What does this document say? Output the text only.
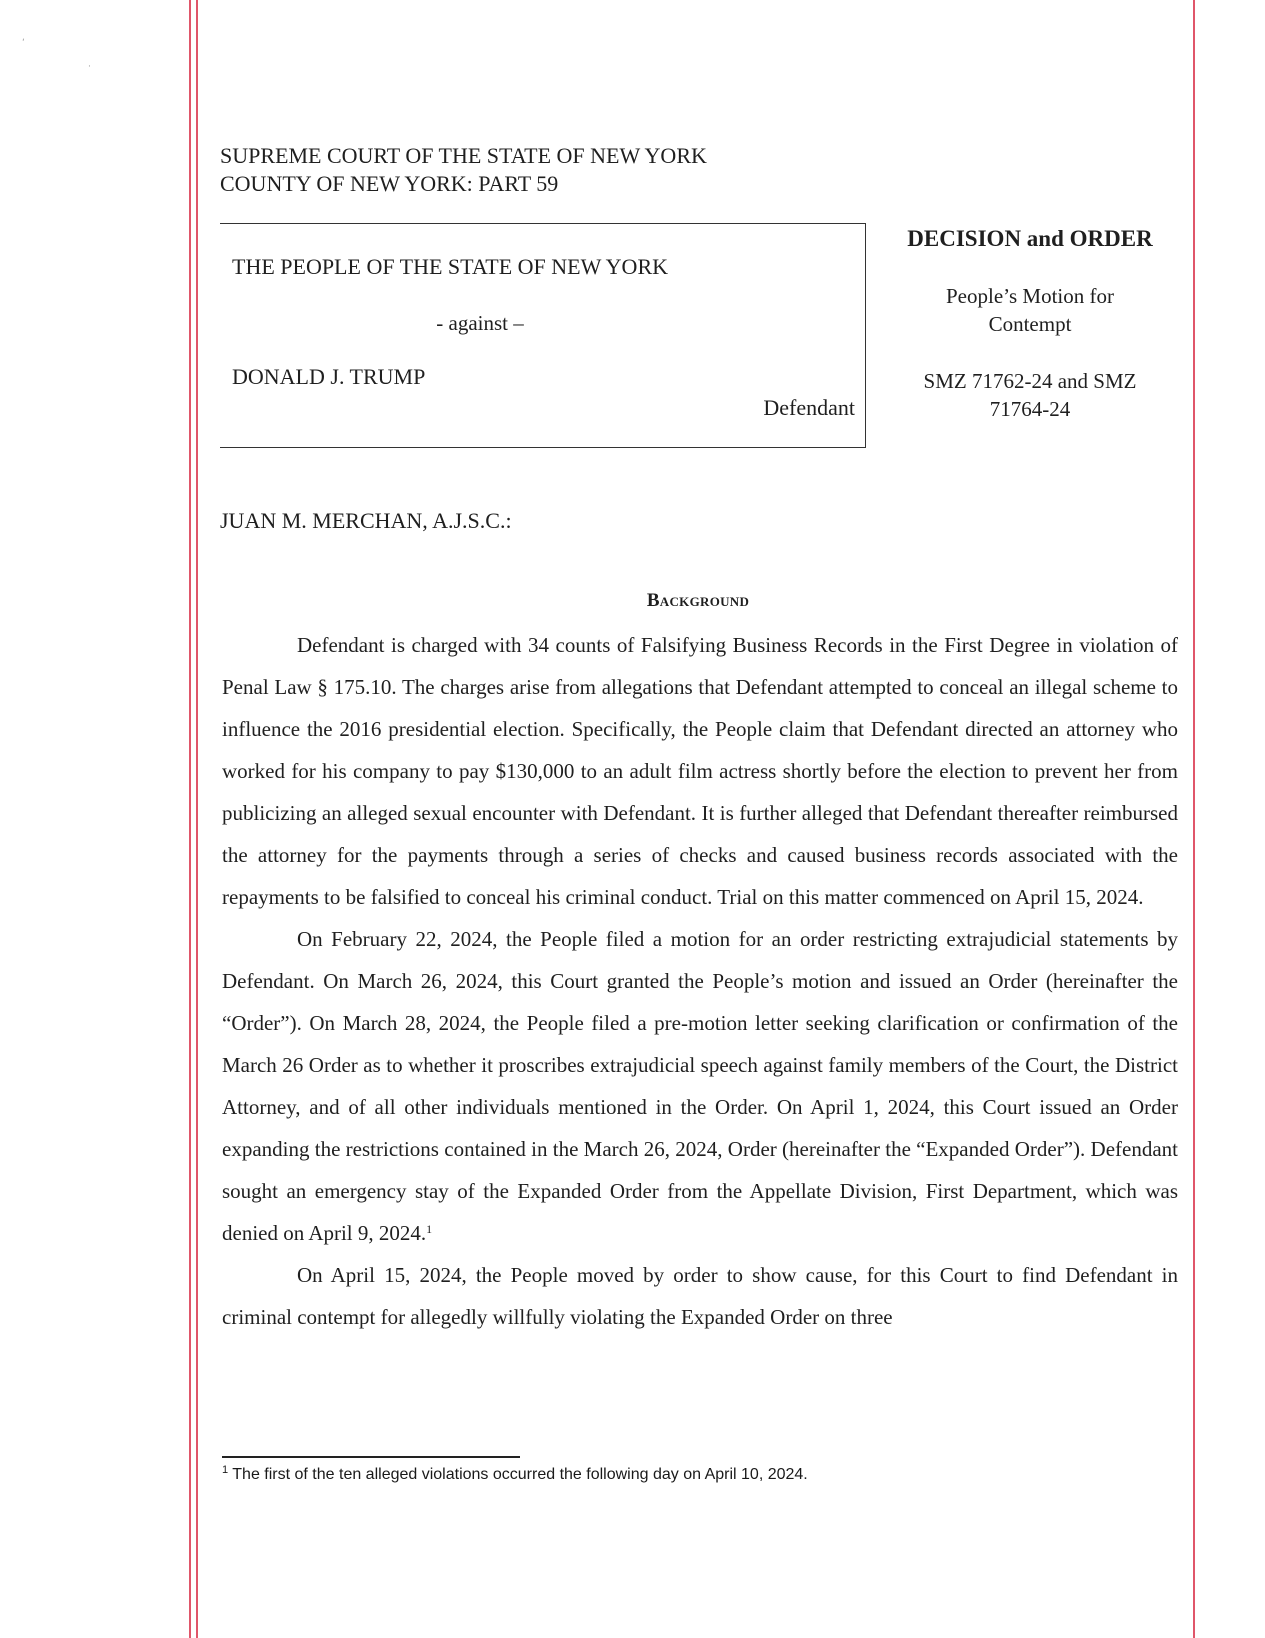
‘
·
SUPREME COURT OF THE STATE OF NEW YORK
COUNTY OF NEW YORK: PART 59
THE PEOPLE OF THE STATE OF NEW YORK
- against –
DONALD J. TRUMP
Defendant
DECISION and ORDER
People’s Motion for
Contempt
SMZ 71762-24 and SMZ
71764-24
JUAN M. MERCHAN, A.J.S.C.:
Background

Defendant is charged with 34 counts of Falsifying Business Records in the First Degree in violation of Penal Law § 175.10. The charges arise from allegations that Defendant attempted to conceal an illegal scheme to influence the 2016 presidential election. Specifically, the People claim that Defendant directed an attorney who worked for his company to pay $130,000 to an adult film actress shortly before the election to prevent her from publicizing an alleged sexual encounter with Defendant. It is further alleged that Defendant thereafter reimbursed the attorney for the payments through a series of checks and caused business records associated with the repayments to be falsified to conceal his criminal conduct. Trial on this matter commenced on April 15, 2024.

On February 22, 2024, the People filed a motion for an order restricting extrajudicial statements by Defendant. On March 26, 2024, this Court granted the People’s motion and issued an Order (hereinafter the “Order”). On March 28, 2024, the People filed a pre-motion letter seeking clarification or confirmation of the March 26 Order as to whether it proscribes extrajudicial speech against family members of the Court, the District Attorney, and of all other individuals mentioned in the Order. On April 1, 2024, this Court issued an Order expanding the restrictions contained in the March 26, 2024, Order (hereinafter the “Expanded Order”). Defendant sought an emergency stay of the Expanded Order from the Appellate Division, First Department, which was denied on April 9, 2024.$^1$

On April 15, 2024, the People moved by order to show cause, for this Court to find Defendant in criminal contempt for allegedly willfully violating the Expanded Order on three

$^1$ The first of the ten alleged violations occurred the following day on April 10, 2024.
